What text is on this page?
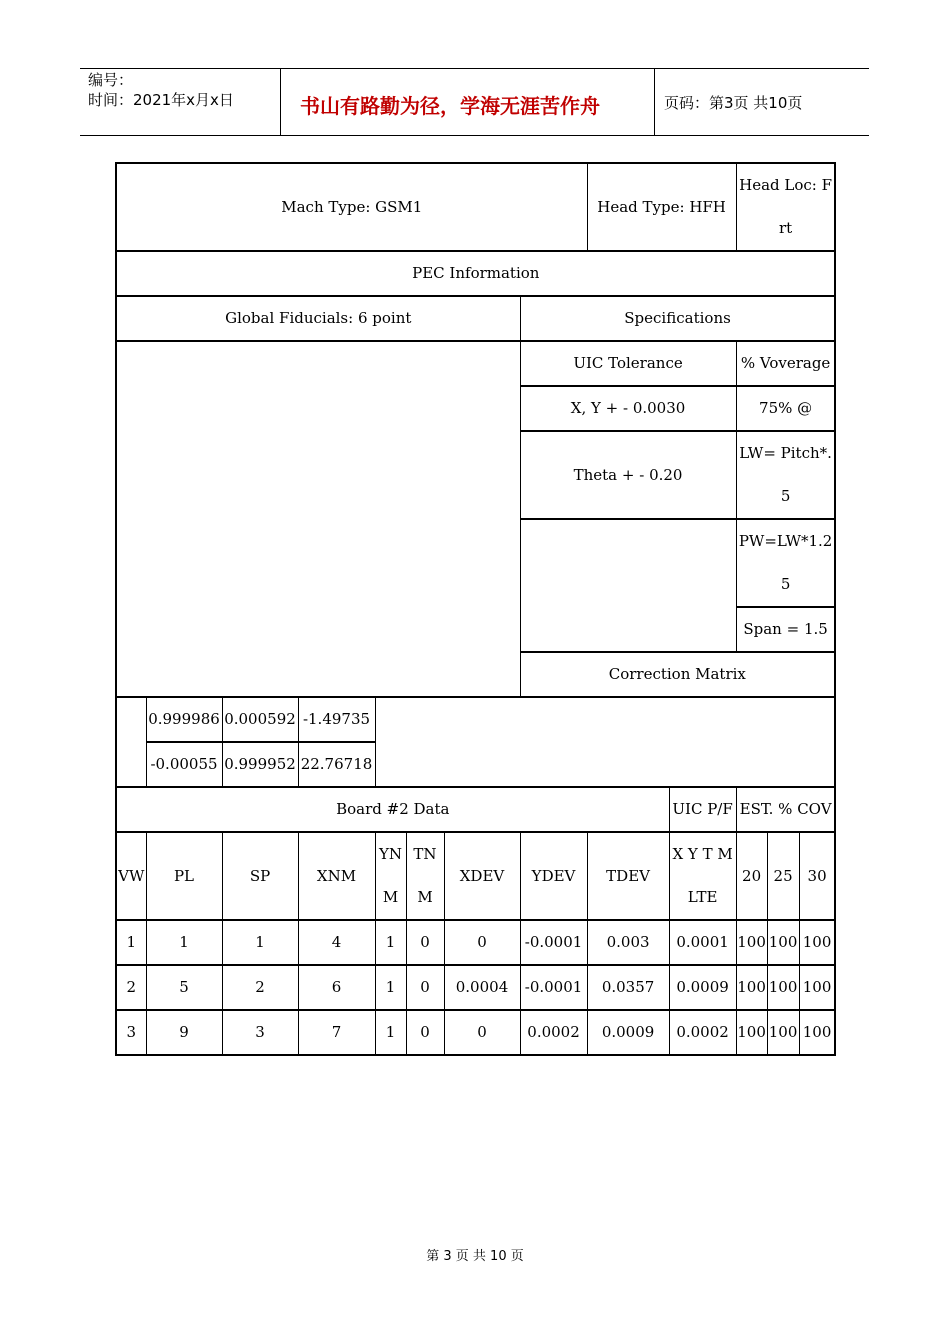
编号：
时间：2021年x月x日	书山有路勤为径，学海无涯苦作舟	页码：第3页 共10页
Mach Type: GSM1								Head Type: HFH		Head Loc: Frt		
PEC Information												
Global Fiducials: 6 point							Specifications					
							UIC Tolerance			% Voverage		
							X, Y + - 0.0030			75% @		
							Theta + - 0.20			LW= Pitch*.5		
										PW=LW*1.25		
										Span = 1.5		
							Correction Matrix					
	0.999986	0.000592	-1.49735									
	-0.00055	0.999952	22.76718									
Board #2 Data									UIC P/F	EST. % COV		
VW	PL	SP	XNM	YNM	TNM	XDEV	YDEV	TDEV	X Y T MLTE	20	25	30
1	1	1	4	1	0	0	-0.0001	0.003	0.0001	100	100	100
2	5	2	6	1	0	0.0004	-0.0001	0.0357	0.0009	100	100	100
3	9	3	7	1	0	0	0.0002	0.0009	0.0002	100	100	100
第 3 页 共 10 页
